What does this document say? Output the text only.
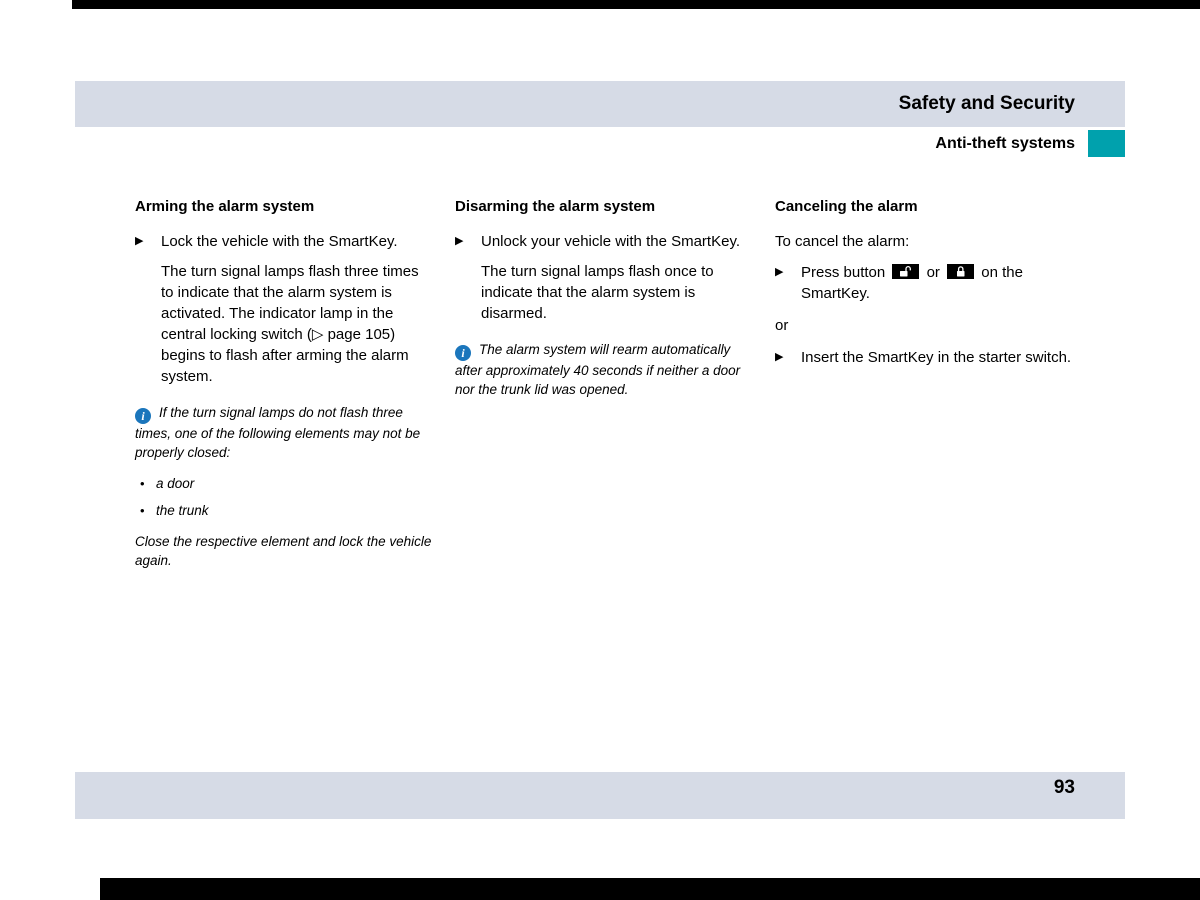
Safety and Security
Anti-theft systems
Arming the alarm system
▶	Lock the vehicle with the SmartKey.

The turn signal lamps flash three times to indicate that the alarm system is activated. The indicator lamp in the central locking switch (▷ page 105) begins to flash after arming the alarm system.

i If the turn signal lamps do not flash three times, one of the following elements may not be properly closed:

• a door
• the trunk

Close the respective element and lock the vehicle again.

Disarming the alarm system
▶	Unlock your vehicle with the SmartKey.

The turn signal lamps flash once to indicate that the alarm system is disarmed.

i The alarm system will rearm automatically after approximately 40 seconds if neither a door nor the trunk lid was opened.

Canceling the alarm

To cancel the alarm:

▶	Press button	or	on the SmartKey.

or

▶	Insert the SmartKey in the starter switch.
93
